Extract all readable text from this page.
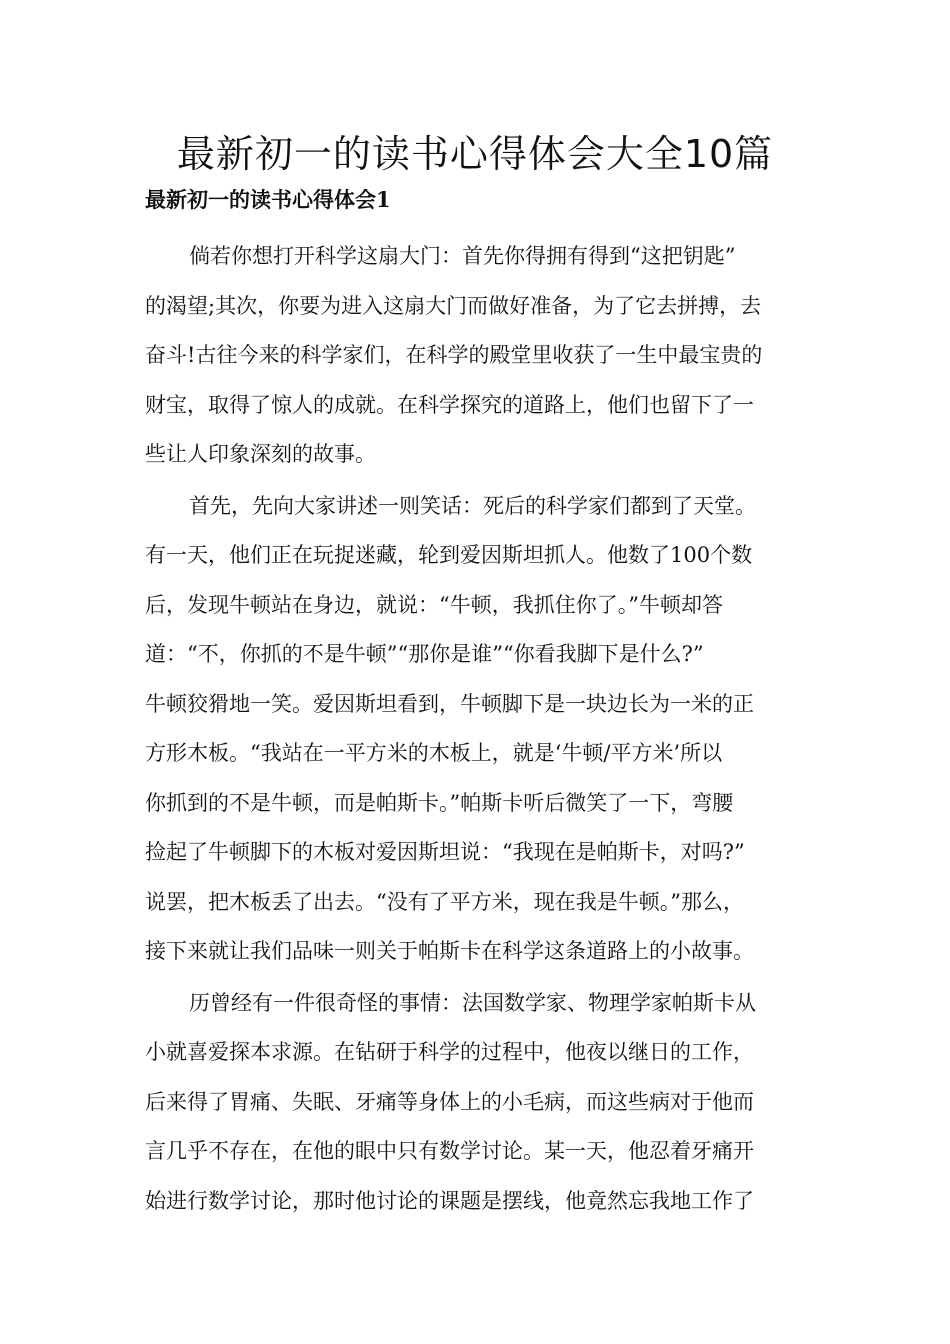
最新初一的读书心得体会大全10篇
最新初一的读书心得体会1

倘若你想打开科学这扇大门：首先你得拥有得到“这把钥匙”
的渴望;其次，你要为进入这扇大门而做好准备，为了它去拼搏，去
奋斗!古往今来的科学家们，在科学的殿堂里收获了一生中最宝贵的
财宝，取得了惊人的成就。在科学探究的道路上，他们也留下了一
些让人印象深刻的故事。

首先，先向大家讲述一则笑话：死后的科学家们都到了天堂。
有一天，他们正在玩捉迷藏，轮到爱因斯坦抓人。他数了100个数
后，发现牛顿站在身边，就说：“牛顿，我抓住你了。”牛顿却答
道：“不，你抓的不是牛顿”“那你是谁”“你看我脚下是什么?”
牛顿狡猾地一笑。爱因斯坦看到，牛顿脚下是一块边长为一米的正
方形木板。“我站在一平方米的木板上，就是‘牛顿/平方米’所以
你抓到的不是牛顿，而是帕斯卡。”帕斯卡听后微笑了一下，弯腰
捡起了牛顿脚下的木板对爱因斯坦说：“我现在是帕斯卡，对吗?”
说罢，把木板丢了出去。“没有了平方米，现在我是牛顿。”那么，
接下来就让我们品味一则关于帕斯卡在科学这条道路上的小故事。

历曾经有一件很奇怪的事情：法国数学家、物理学家帕斯卡从
小就喜爱探本求源。在钻研于科学的过程中，他夜以继日的工作，
后来得了胃痛、失眠、牙痛等身体上的小毛病，而这些病对于他而
言几乎不存在，在他的眼中只有数学讨论。某一天，他忍着牙痛开
始进行数学讨论，那时他讨论的课题是摆线，他竟然忘我地工作了
